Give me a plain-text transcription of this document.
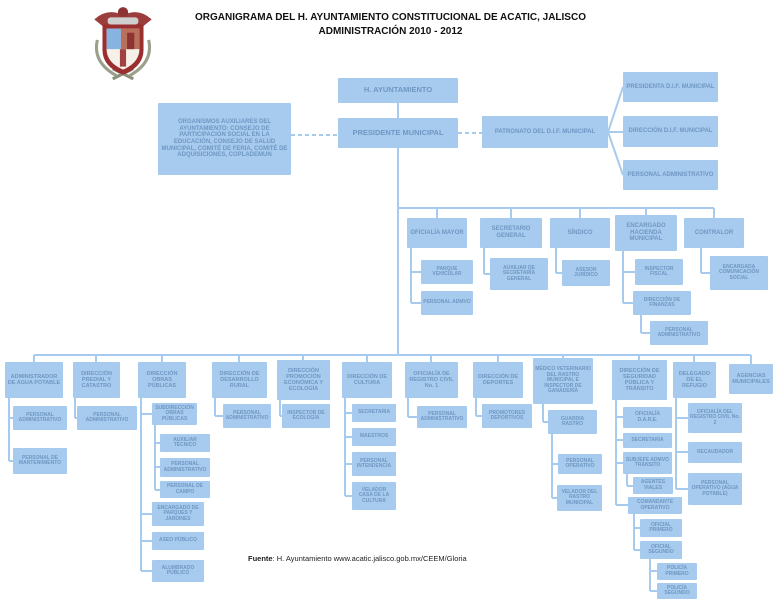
ORGANIGRAMA DEL H. AYUNTAMIENTO CONSTITUCIONAL DE ACATIC, JALISCO
ADMINISTRACIÓN 2010 - 2012
H. AYUNTAMIENTO
PRESIDENTE MUNICIPAL
ORGANISMOS AUXILIARES DEL AYUNTAMIENTO: CONSEJO DE PARTICIPACIÓN SOCIAL EN LA EDUCACIÓN, CONSEJO DE SALUD MUNICIPAL, COMITÉ DE FERIA, COMITÉ DE ADQUISICIONES, COPLADEMUN
PATRONATO DEL D.I.F. MUNICIPAL
PRESIDENTA D.I.F. MUNICIPAL
DIRECCIÓN D.I.F. MUNICIPAL
PERSONAL ADMINISTRATIVO
OFICIALÍA MAYOR
SECRETARIO GENERAL
SÍNDICO
ENCARGADO HACIENDA MUNICIPAL
CONTRALOR
PARQUE VEHICULAR
PERSONAL ADMVO
AUXILIAR DE SECRETARÍA GENERAL
ASESOR JURÍDICO
INSPECTOR FISCAL
DIRECCIÓN DE FINANZAS
PERSONAL ADMINISTRATIVO
ENCARGADA COMUNICACIÓN SOCIAL
ADMINISTRADOR DE AGUA POTABLE
DIRECCIÓN PREDIAL Y CATASTRO
DIRECCIÓN OBRAS PÚBLICAS
DIRECCIÓN DE DESARROLLO RURAL
DIRECCIÓN PROMOCIÓN ECONÓMICA Y ECOLOGÍA
DIRECCIÓN DE CULTURA
OFICIALÍA DE REGISTRO CIVIL No. 1
DIRECCIÓN DE DEPORTES
MÉDICO VETERINARIO DEL RASTRO MUNICIPAL E INSPECTOR DE GANADERÍA
DIRECCIÓN DE SEGURIDAD PÚBLICA Y TRÁNSITO
DELEGADO DE EL REFUGIO
AGENCIAS MUNICIPALES
PERSONAL ADMINISTRATIVO
PERSONAL DE MANTENIMIENTO
PERSONAL ADMINISTRATIVO
SUBDIRECCIÓN OBRAS PÚBLICAS
AUXILIAR TÉCNICO
PERSONAL ADMINISTRATIVO
PERSONAL DE CAMPO
ENCARGADO DE PARQUES Y JARDINES
ASEO PÚBLICO
ALUMBRADO PÚBLICO
PERSONAL ADMINISTRATIVO
INSPECTOR DE ECOLOGÍA
SECRETARIA
MAESTROS
PERSONAL INTENDENCIA
VELADOR CASA DE LA CULTURA
PERSONAL ADMINISTRATIVO
PROMOTORES DEPORTIVOS	GUARDIA RASTRO
PERSONAL OPERATIVO
VELADOR DEL RASTRO MUNICIPAL
OFICIALÍA D.A.R.E.
SECRETARIA
SUBJEFE ADMVO TRÁNSITO
AGENTES VIALES
COMANDANTE OPERATIVO
OFICIAL PRIMERO
OFICIAL SEGUNDO
POLICÍA PRIMERO
POLICÍA SEGUNDO
OFICIALÍA DEL REGISTRO CIVIL No. 2
RECAUDADOR
PERSONAL OPERATIVO (AGUA POTABLE)
Fuente: H. Ayuntamiento www.acatic.jalisco.gob.mx/CEEM/Gloria
